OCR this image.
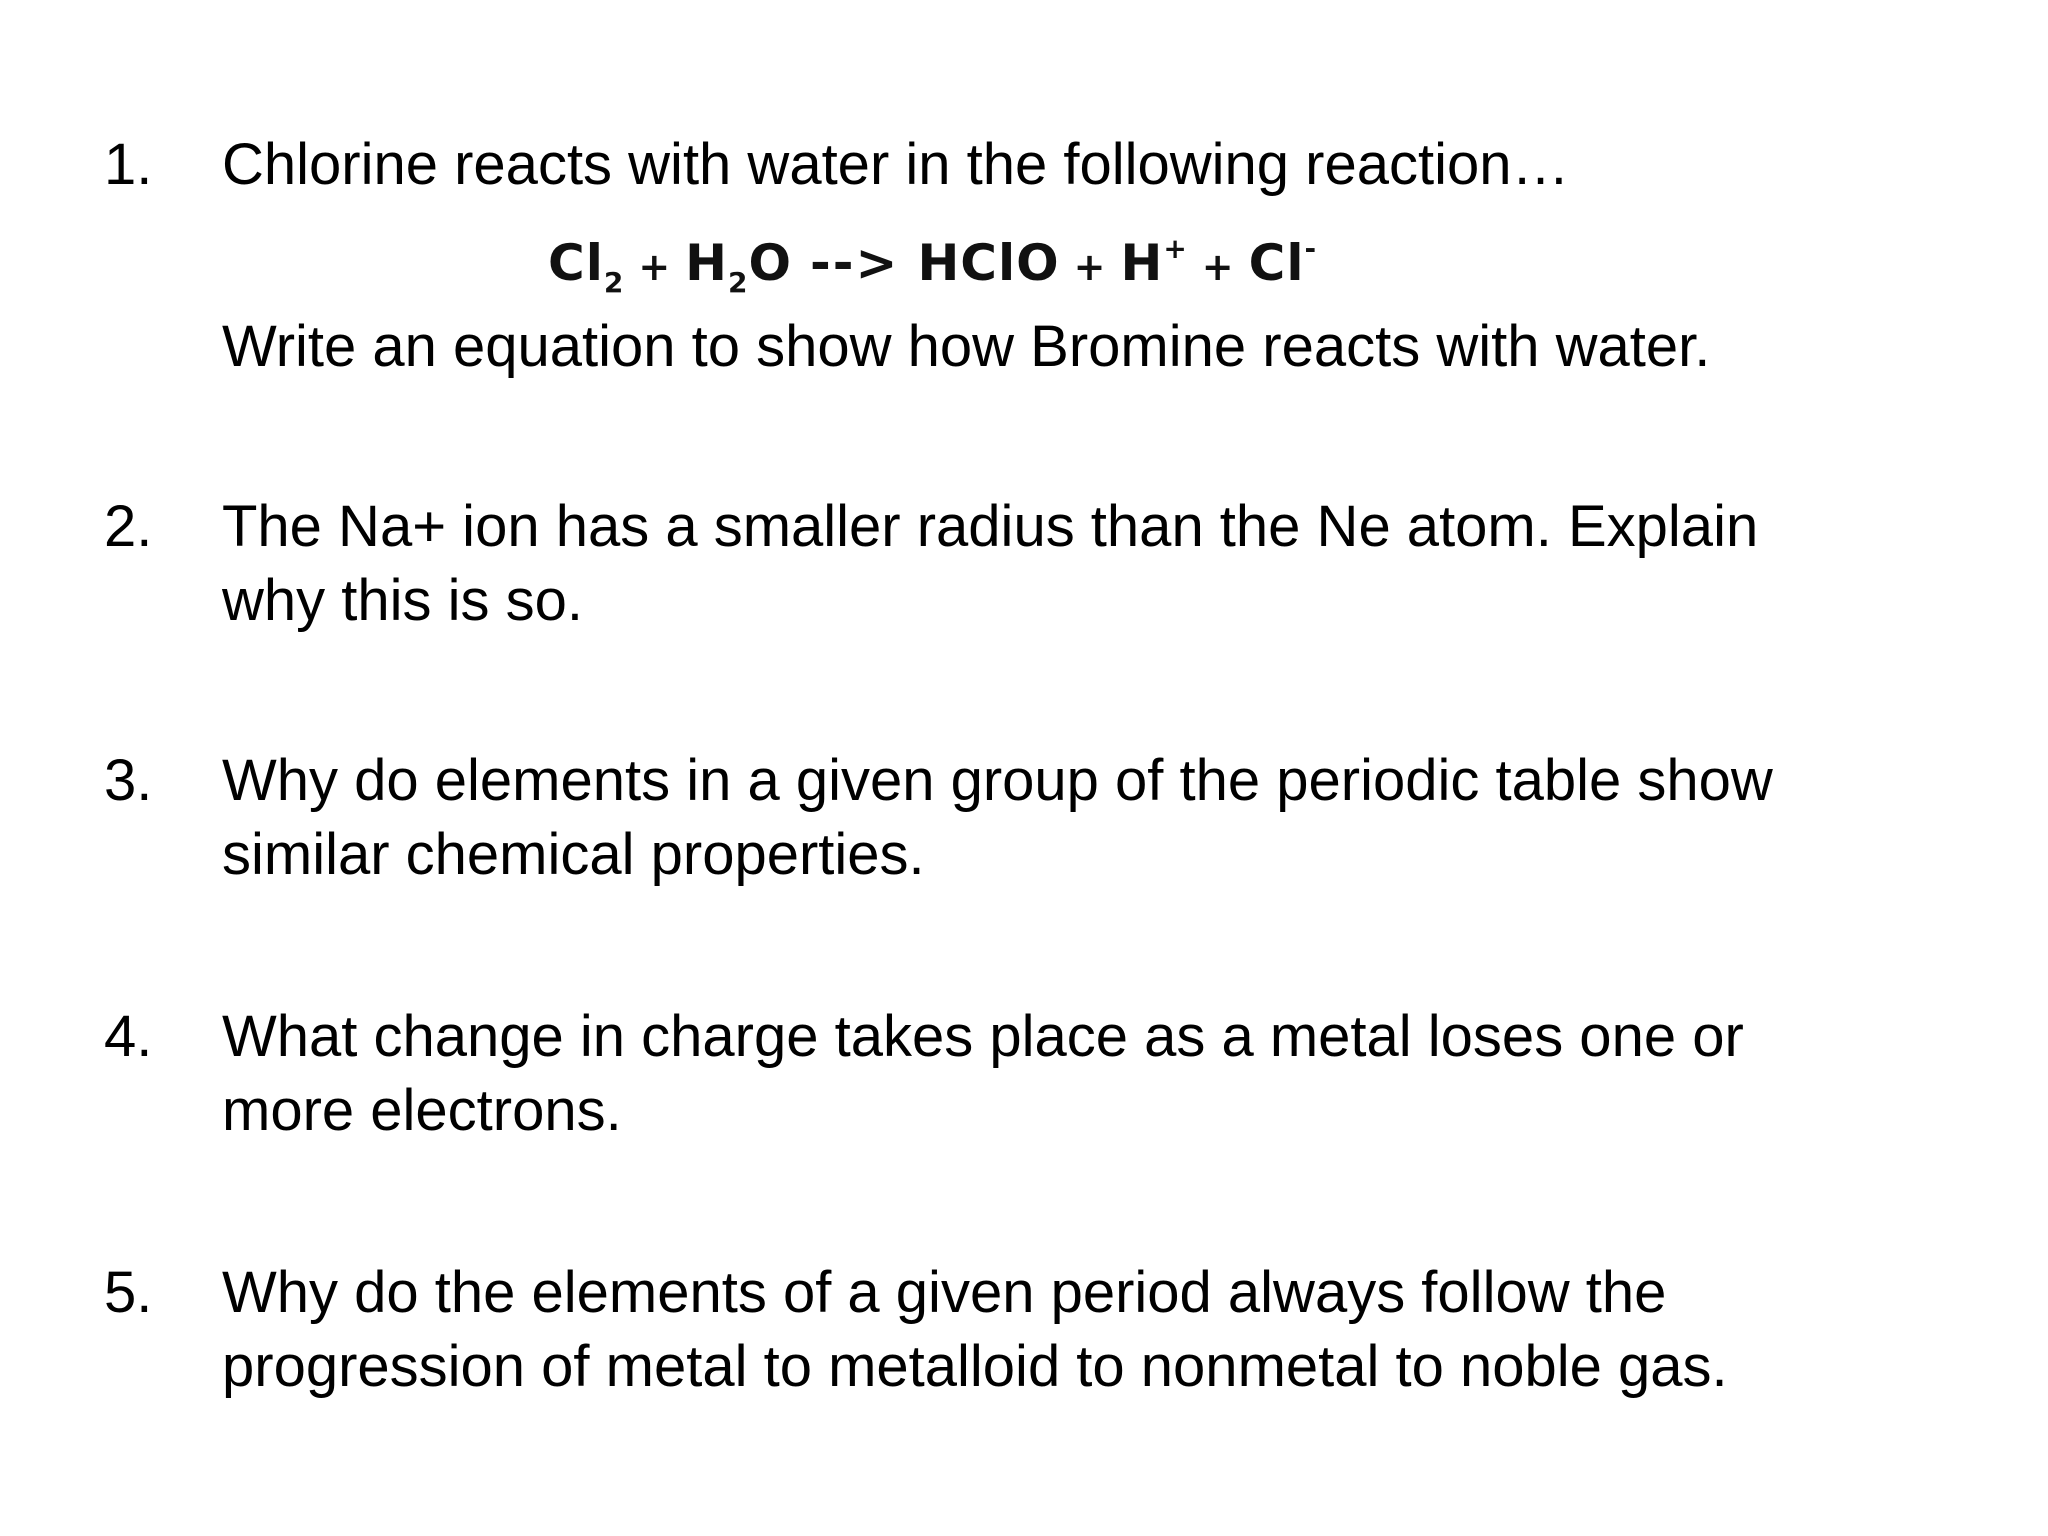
1. Chlorine reacts with water in the following reaction…
$Cl_2 + H_2O$ --> HClO + H+ + Cl-
Write an equation to show how Bromine reacts with water.
2. The Na+ ion has a smaller radius than the Ne atom. Explain
why this is so.
3. Why do elements in a given group of the periodic table show
similar chemical properties.
4. What change in charge takes place as a metal loses one or
more electrons.
5. Why do the elements of a given period always follow the
progression of metal to metalloid to nonmetal to noble gas.
